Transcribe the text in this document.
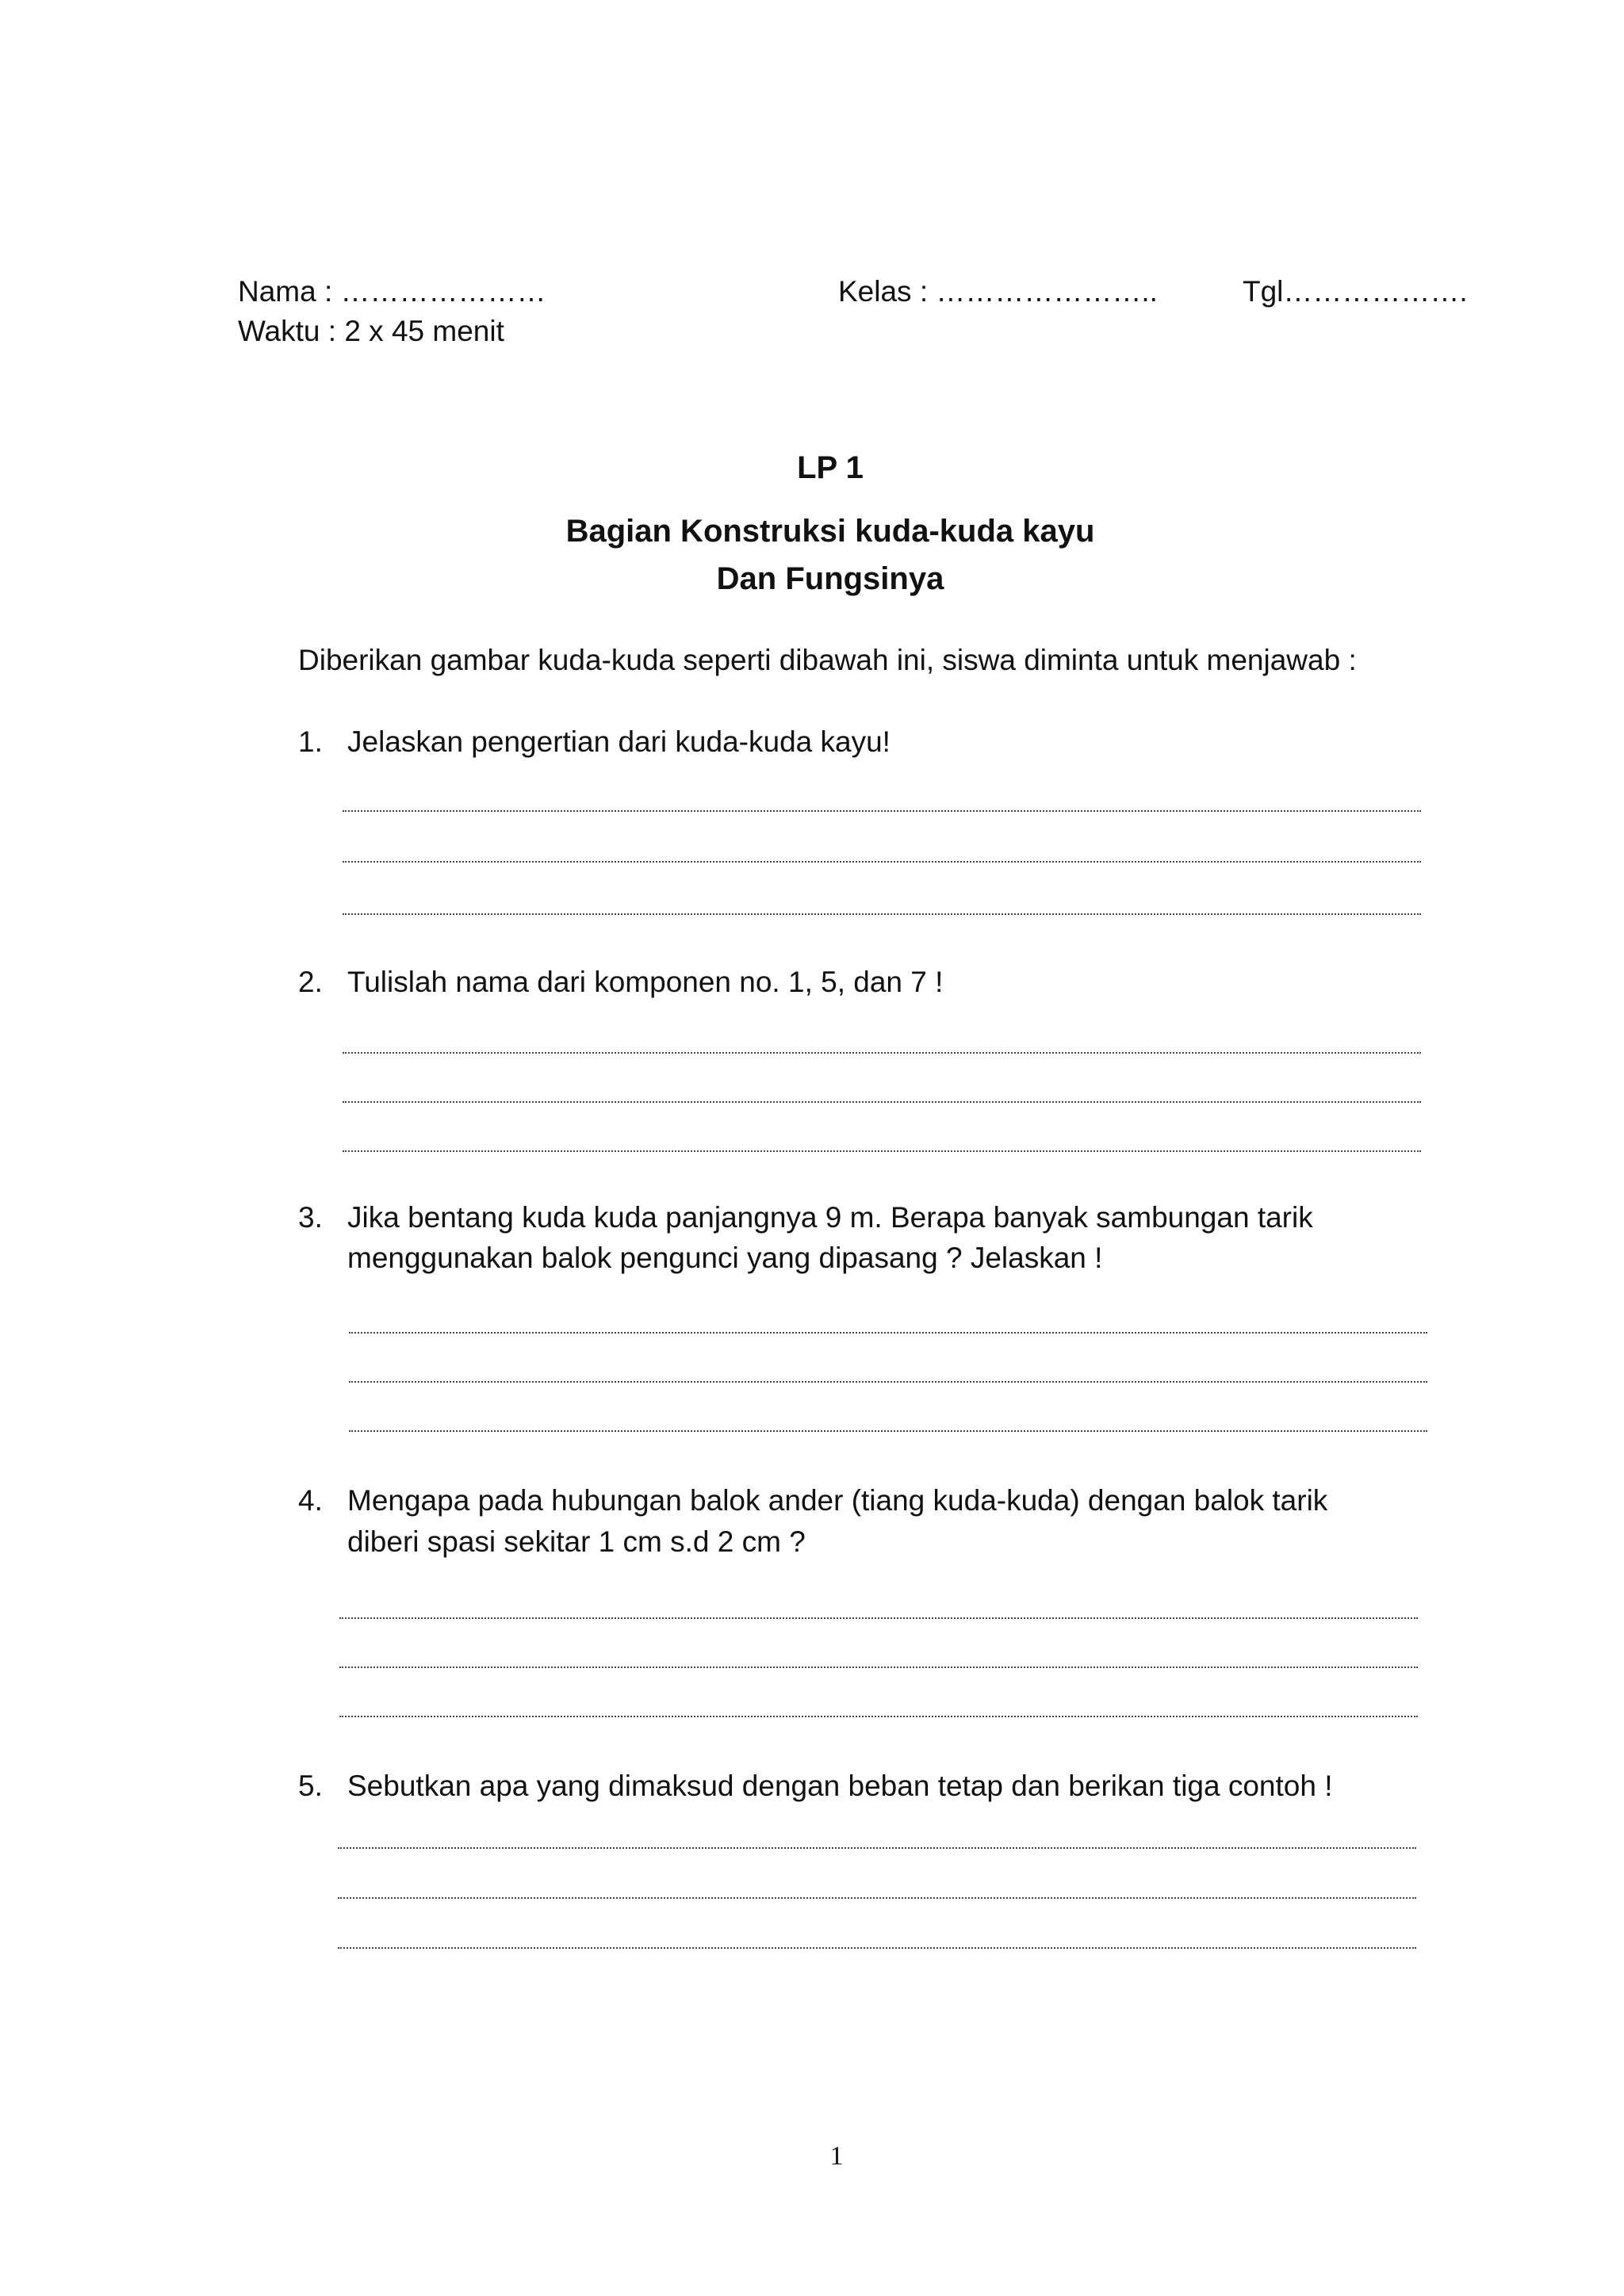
Nama : …………………	Kelas : …………………..	Tgl……………….
Waktu : 2 x 45 menit
LP 1
Bagian Konstruksi kuda-kuda kayu
Dan Fungsinya
Diberikan gambar kuda-kuda seperti dibawah ini, siswa diminta untuk menjawab :
1. Jelaskan pengertian dari kuda-kuda kayu!
2. Tulislah nama dari komponen no. 1, 5, dan 7 !
3. Jika bentang kuda kuda panjangnya 9 m. Berapa banyak sambungan tarik
menggunakan balok pengunci yang dipasang ? Jelaskan !
4. Mengapa pada hubungan balok ander (tiang kuda-kuda) dengan balok tarik
diberi spasi sekitar 1 cm s.d 2 cm ?
5. Sebutkan apa yang dimaksud dengan beban tetap dan berikan tiga contoh !
1
